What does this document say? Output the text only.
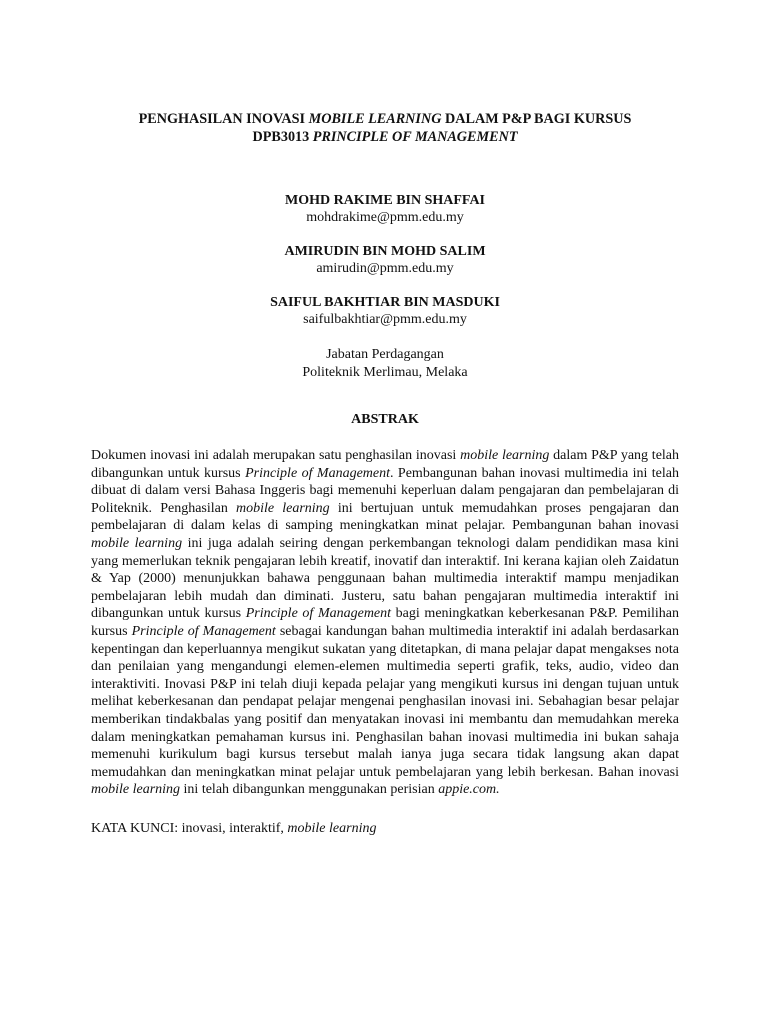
PENGHASILAN INOVASI MOBILE LEARNING DALAM P&P BAGI KURSUS
DPB3013 PRINCIPLE OF MANAGEMENT
MOHD RAKIME BIN SHAFFAI
mohdrakime@pmm.edu.my
AMIRUDIN BIN MOHD SALIM
amirudin@pmm.edu.my
SAIFUL BAKHTIAR BIN MASDUKI
saifulbakhtiar@pmm.edu.my
Jabatan Perdagangan
Politeknik Merlimau, Melaka
ABSTRAK

Dokumen inovasi ini adalah merupakan satu penghasilan inovasi mobile learning dalam P&P yang telah dibangunkan untuk kursus Principle of Management. Pembangunan bahan inovasi multimedia ini telah dibuat di dalam versi Bahasa Inggeris bagi memenuhi keperluan dalam pengajaran dan pembelajaran di Politeknik. Penghasilan mobile learning ini bertujuan untuk memudahkan proses pengajaran dan pembelajaran di dalam kelas di samping meningkatkan minat pelajar. Pembangunan bahan inovasi mobile learning ini juga adalah seiring dengan perkembangan teknologi dalam pendidikan masa kini yang memerlukan teknik pengajaran lebih kreatif, inovatif dan interaktif. Ini kerana kajian oleh Zaidatun & Yap (2000) menunjukkan bahawa penggunaan bahan multimedia interaktif mampu menjadikan pembelajaran lebih mudah dan diminati. Justeru, satu bahan pengajaran multimedia interaktif ini dibangunkan untuk kursus Principle of Management bagi meningkatkan keberkesanan P&P. Pemilihan kursus Principle of Management sebagai kandungan bahan multimedia interaktif ini adalah berdasarkan kepentingan dan keperluannya mengikut sukatan yang ditetapkan, di mana pelajar dapat mengakses nota dan penilaian yang mengandungi elemen-elemen multimedia seperti grafik, teks, audio, video dan interaktiviti. Inovasi P&P ini telah diuji kepada pelajar yang mengikuti kursus ini dengan tujuan untuk melihat keberkesanan dan pendapat pelajar mengenai penghasilan inovasi ini. Sebahagian besar pelajar memberikan tindakbalas yang positif dan menyatakan inovasi ini membantu dan memudahkan mereka dalam meningkatkan pemahaman kursus ini. Penghasilan bahan inovasi multimedia ini bukan sahaja memenuhi kurikulum bagi kursus tersebut malah ianya juga secara tidak langsung akan dapat memudahkan dan meningkatkan minat pelajar untuk pembelajaran yang lebih berkesan. Bahan inovasi mobile learning ini telah dibangunkan menggunakan perisian appie.com.

KATA KUNCI: inovasi, interaktif, mobile learning
